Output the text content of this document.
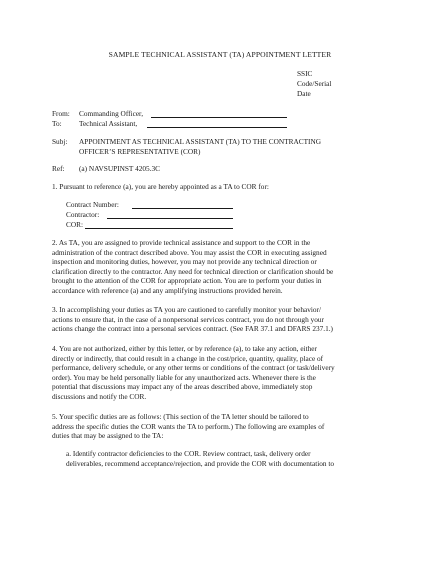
SAMPLE TECHNICAL ASSISTANT (TA) APPOINTMENT LETTER
SSIC
Code/Serial
Date
From: Commanding Officer,
To: Technical Assistant,
Subj: APPOINTMENT AS TECHNICAL ASSISTANT (TA) TO THE CONTRACTING
OFFICER’S REPRESENTATIVE (COR)
Ref: (a) NAVSUPINST 4205.3C
1. Pursuant to reference (a), you are hereby appointed as a TA to COR for:
Contract Number:
Contractor:
COR:
2. As TA, you are assigned to provide technical assistance and support to the COR in the
administration of the contract described above. You may assist the COR in executing assigned
inspection and monitoring duties, however, you may not provide any technical direction or
clarification directly to the contractor. Any need for technical direction or clarification should be
brought to the attention of the COR for appropriate action. You are to perform your duties in
accordance with reference (a) and any amplifying instructions provided herein.
3. In accomplishing your duties as TA you are cautioned to carefully monitor your behavior/
actions to ensure that, in the case of a nonpersonal services contract, you do not through your
actions change the contract into a personal services contract. (See FAR 37.1 and DFARS 237.1.)
4. You are not authorized, either by this letter, or by reference (a), to take any action, either
directly or indirectly, that could result in a change in the cost/price, quantity, quality, place of
performance, delivery schedule, or any other terms or conditions of the contract (or task/delivery
order). You may be held personally liable for any unauthorized acts. Whenever there is the
potential that discussions may impact any of the areas described above, immediately stop
discussions and notify the COR.
5. Your specific duties are as follows: (This section of the TA letter should be tailored to
address the specific duties the COR wants the TA to perform.) The following are examples of
duties that may be assigned to the TA:
a. Identify contractor deficiencies to the COR. Review contract, task, delivery order
deliverables, recommend acceptance/rejection, and provide the COR with documentation to
